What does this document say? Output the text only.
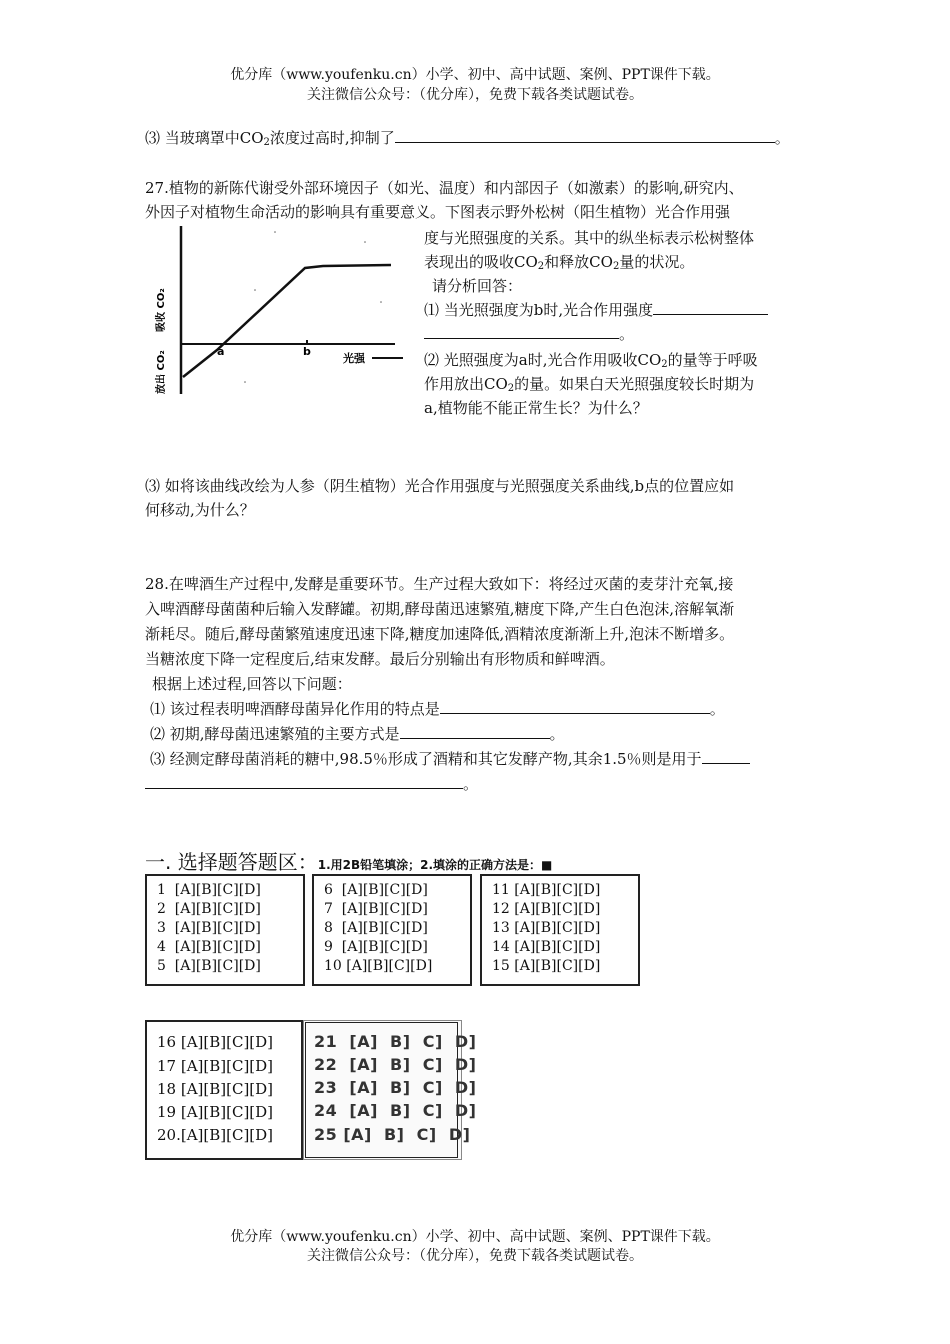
优分库（www.youfenku.cn）小学、初中、高中试题、案例、PPT课件下载。
关注微信公众号：（优分库），免费下载各类试题试卷。
⑶ 当玻璃罩中$CO_2$浓度过高时,抑制了	。
27.植物的新陈代谢受外部环境因子（如光、温度）和内部因子（如激素）的影响,研究内、
外因子对植物生命活动的影响具有重要意义。下图表示野外松树（阳生植物）光合作用强
a	b
光强
吸收 CO₂
放出 CO₂
度与光照强度的关系。其中的纵坐标表示松树整体
表现出的吸收$CO_2$和释放$CO_2$量的状况。
请分析回答：
⑴ 当光照强度为b时,光合作用强度
。
⑵ 光照强度为a时,光合作用吸收$CO_2$的量等于呼吸
作用放出$CO_2$的量。如果白天光照强度较长时期为
a,植物能不能正常生长？为什么？
⑶ 如将该曲线改绘为人参（阴生植物）光合作用强度与光照强度关系曲线,b点的位置应如
何移动,为什么？
28.在啤酒生产过程中,发酵是重要环节。生产过程大致如下：将经过灭菌的麦芽汁充氧,接
入啤酒酵母菌菌种后输入发酵罐。初期,酵母菌迅速繁殖,糖度下降,产生白色泡沫,溶解氧渐
渐耗尽。随后,酵母菌繁殖速度迅速下降,糖度加速降低,酒精浓度渐渐上升,泡沫不断增多。
当糖浓度下降一定程度后,结束发酵。最后分别输出有形物质和鲜啤酒。
根据上述过程,回答以下问题：
⑴ 该过程表明啤酒酵母菌异化作用的特点是	。
⑵ 初期,酵母菌迅速繁殖的主要方式是	。
⑶ 经测定酵母菌消耗的糖中,98.5％形成了酒精和其它发酵产物,其余1.5％则是用于
。
一. 选择题答题区：1.用2B铅笔填涂；2.填涂的正确方法是：■
1  [A][B][C][D]
2  [A][B][C][D]
3  [A][B][C][D]
4  [A][B][C][D]
5  [A][B][C][D]
6  [A][B][C][D]
7  [A][B][C][D]
8  [A][B][C][D]
9  [A][B][C][D]
10 [A][B][C][D]
11 [A][B][C][D]
12 [A][B][C][D]
13 [A][B][C][D]
14 [A][B][C][D]
15 [A][B][C][D]
16 [A][B][C][D]
17 [A][B][C][D]
18 [A][B][C][D]
19 [A][B][C][D]
20.[A][B][C][D]
21  [A]  B]  C]  D]
22  [A]  B]  C]  D]
23  [A]  B]  C]  D]
24  [A]  B]  C]  D]
25 [A]  B]  C]  D]
优分库（www.youfenku.cn）小学、初中、高中试题、案例、PPT课件下载。
关注微信公众号：（优分库），免费下载各类试题试卷。
